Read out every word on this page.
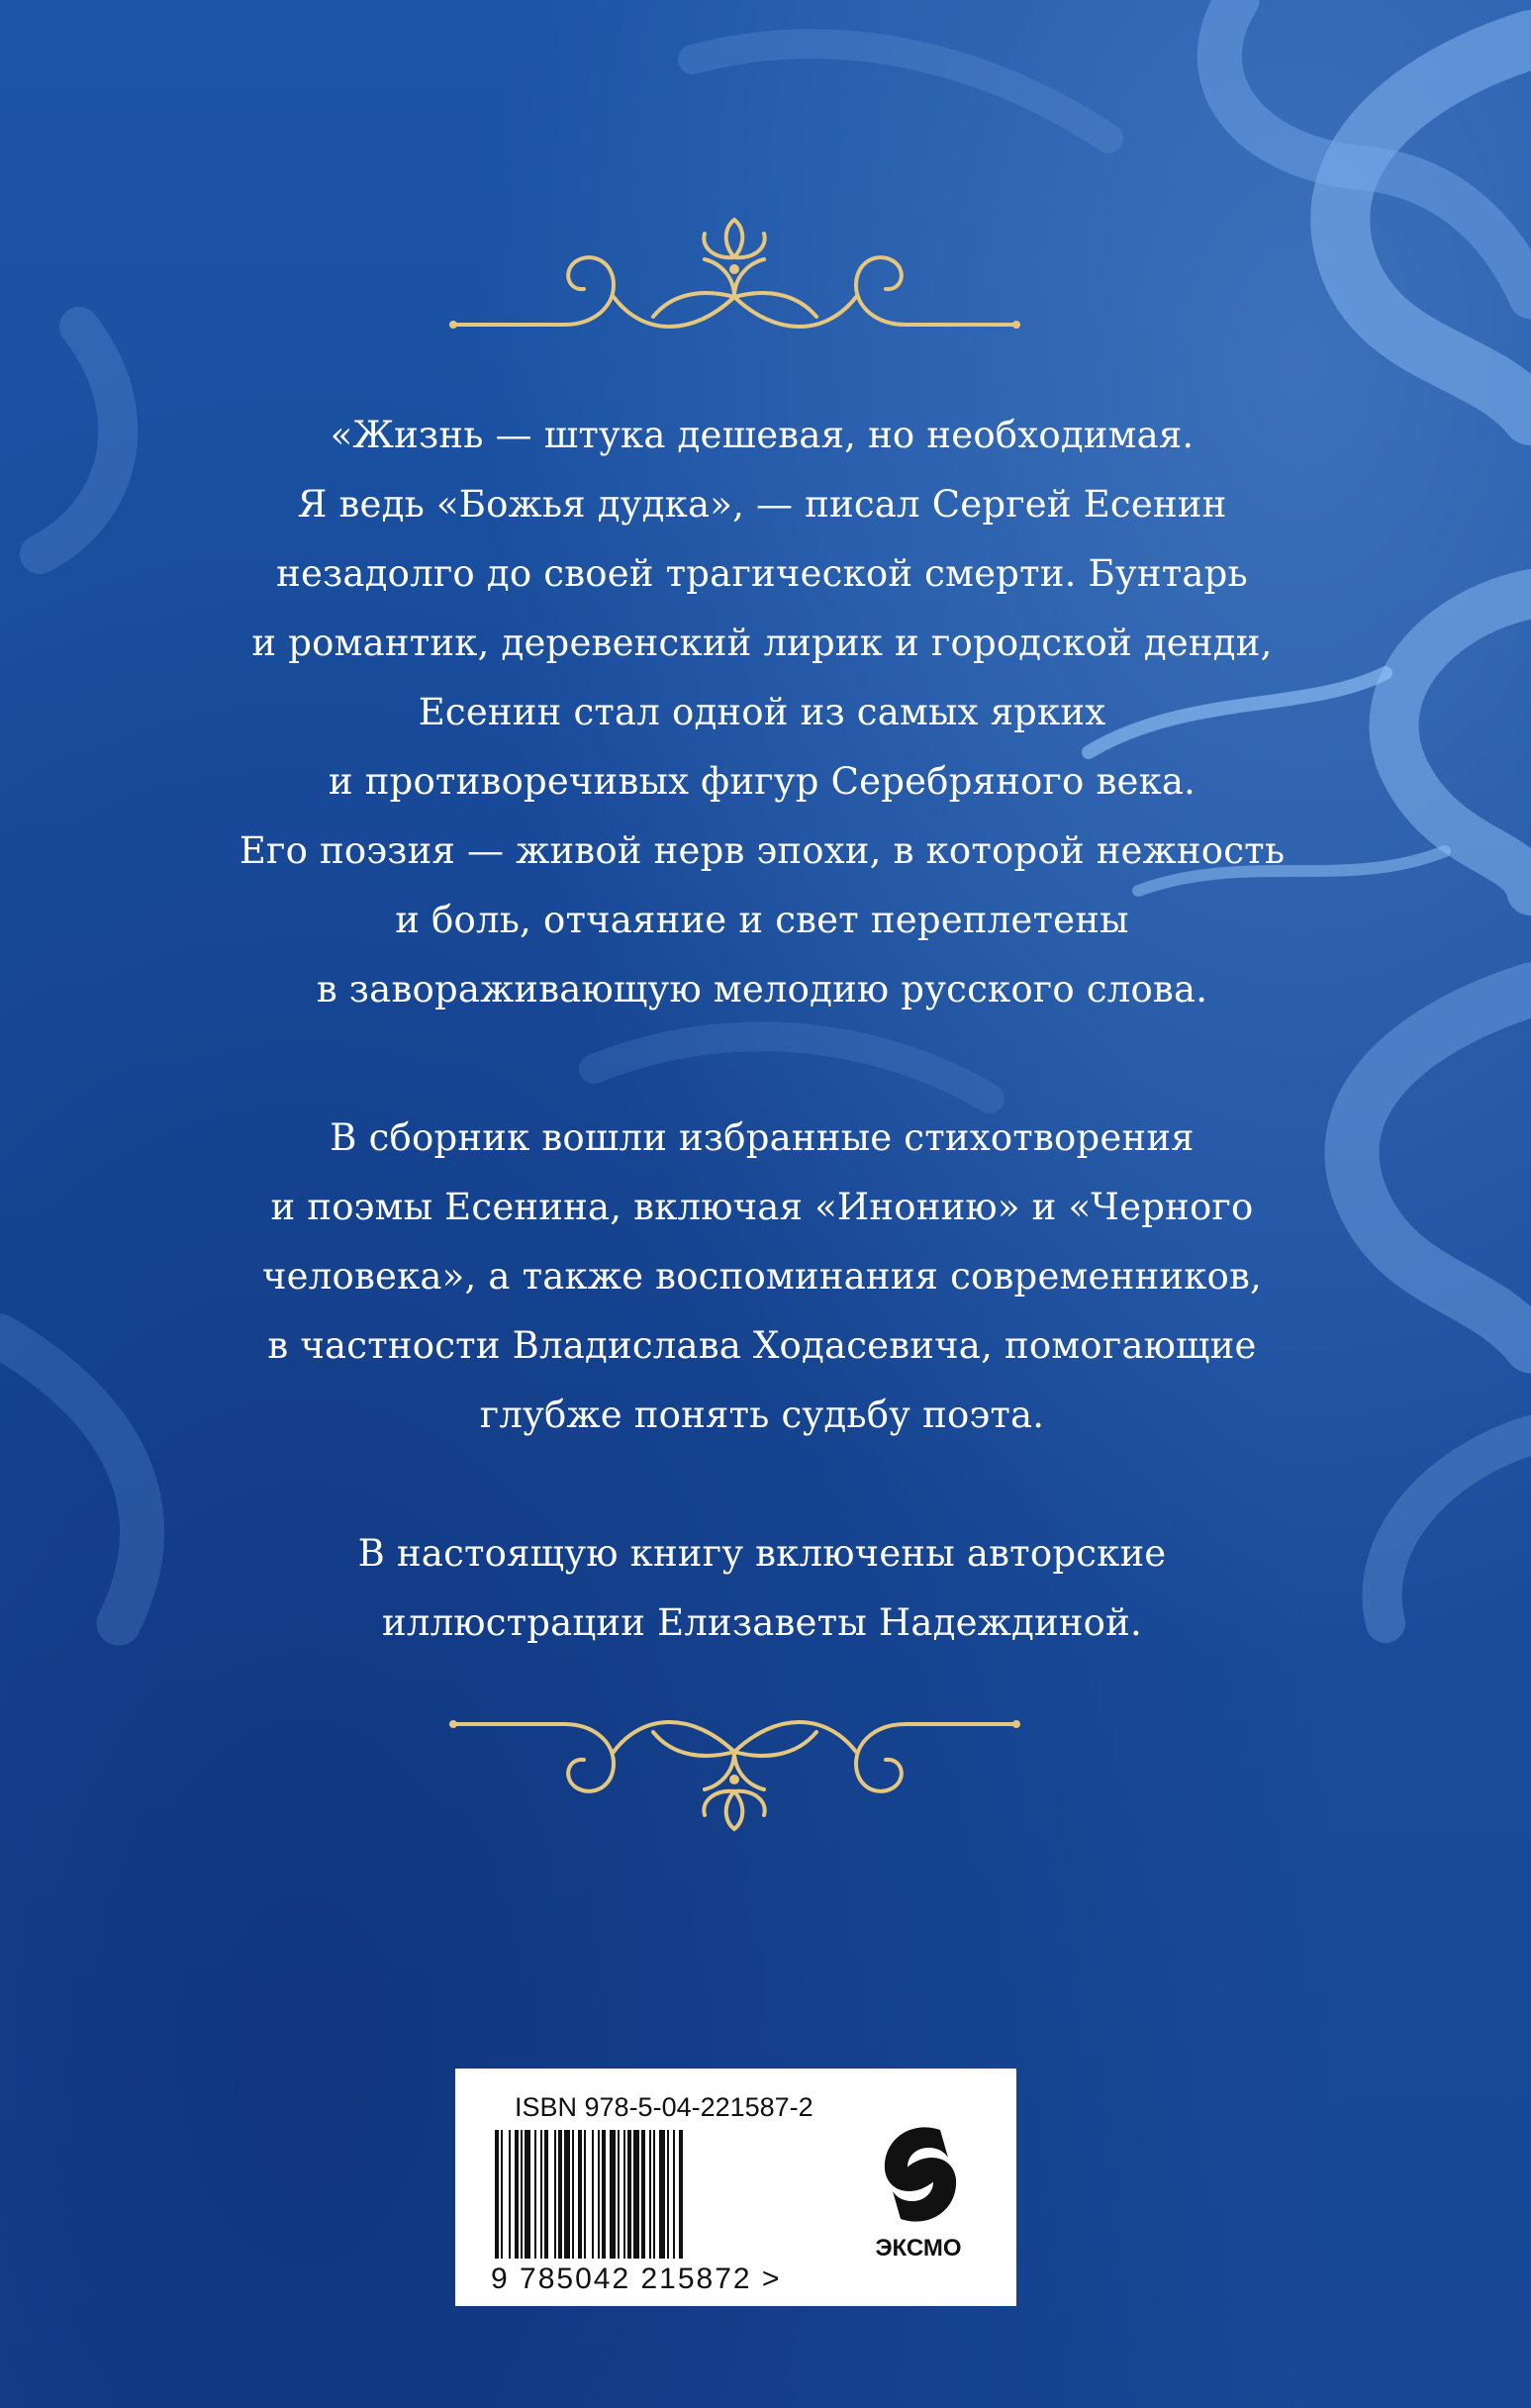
«Жизнь — штука дешевая, но необходимая.
Я ведь «Божья дудка», — писал Сергей Есенин
незадолго до своей трагической смерти. Бунтарь
и романтик, деревенский лирик и городской денди,
Есенин стал одной из самых ярких
и противоречивых фигур Серебряного века.
Его поэзия — живой нерв эпохи, в которой нежность
и боль, отчаяние и свет переплетены
в завораживающую мелодию русского слова.
В сборник вошли избранные стихотворения
и поэмы Есенина, включая «Инонию» и «Черного
человека», а также воспоминания современников,
в частности Владислава Ходасевича, помогающие
глубже понять судьбу поэта.
В настоящую книгу включены авторские
иллюстрации Елизаветы Надеждиной.
ISBN 978-5-04-221587-2
9 785042 215872 >
ЭКСМО
